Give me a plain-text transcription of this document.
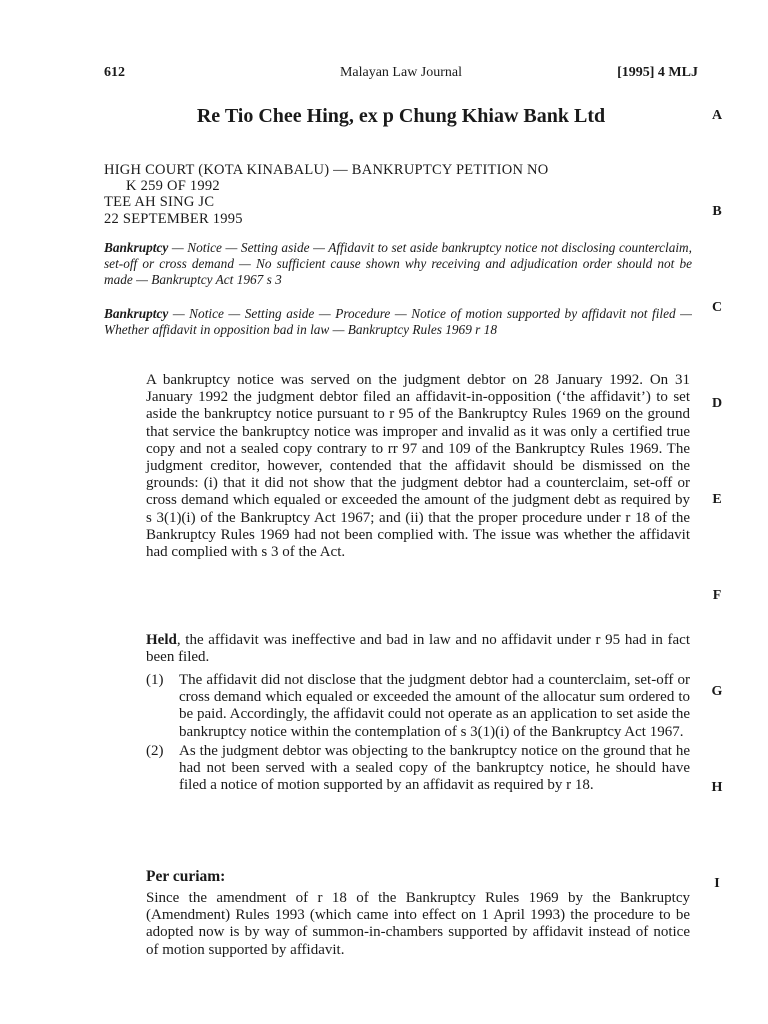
Malayan Law Journal
612	[1995] 4 MLJ
Re Tio Chee Hing, ex p Chung Khiaw Bank Ltd
HIGH COURT (KOTA KINABALU) — BANKRUPTCY PETITION NO
K 259 OF 1992
TEE AH SING JC
22 SEPTEMBER 1995
Bankruptcy — Notice — Setting aside — Affidavit to set aside bankruptcy notice not disclosing counterclaim, set-off or cross demand — No sufficient cause shown why receiving and adjudication order should not be made — Bankruptcy Act 1967 s 3
Bankruptcy — Notice — Setting aside — Procedure — Notice of motion supported by affidavit not filed — Whether affidavit in opposition bad in law — Bankruptcy Rules 1969 r 18
A bankruptcy notice was served on the judgment debtor on 28 January 1992. On 31 January 1992 the judgment debtor filed an affidavit-in-opposition (‘the affidavit’) to set aside the bankruptcy notice pursuant to r 95 of the Bankruptcy Rules 1969 on the ground that service the bankruptcy notice was improper and invalid as it was only a certified true copy and not a sealed copy contrary to rr 97 and 109 of the Bankruptcy Rules 1969. The judgment creditor, however, contended that the affidavit should be dismissed on the grounds: (i) that it did not show that the judgment debtor had a counterclaim, set-off or cross demand which equaled or exceeded the amount of the judgment debt as required by s 3(1)(i) of the Bankruptcy Act 1967; and (ii) that the proper procedure under r 18 of the Bankruptcy Rules 1969 had not been complied with. The issue was whether the affidavit had complied with s 3 of the Act.
Held, the affidavit was ineffective and bad in law and no affidavit under r 95 had in fact been filed.
(1) The affidavit did not disclose that the judgment debtor had a counterclaim, set-off or cross demand which equaled or exceeded the amount of the allocatur sum ordered to be paid. Accordingly, the affidavit could not operate as an application to set aside the bankruptcy notice within the contemplation of s 3(1)(i) of the Bankruptcy Act 1967.
(2) As the judgment debtor was objecting to the bankruptcy notice on the ground that he had not been served with a sealed copy of the bankruptcy notice, he should have filed a notice of motion supported by an affidavit as required by r 18.
Per curiam:
Since the amendment of r 18 of the Bankruptcy Rules 1969 by the Bankruptcy (Amendment) Rules 1993 (which came into effect on 1 April 1993) the procedure to be adopted now is by way of summon-in-chambers supported by affidavit instead of notice of motion supported by affidavit.
A
B
C
D
E
F
G
H
I
